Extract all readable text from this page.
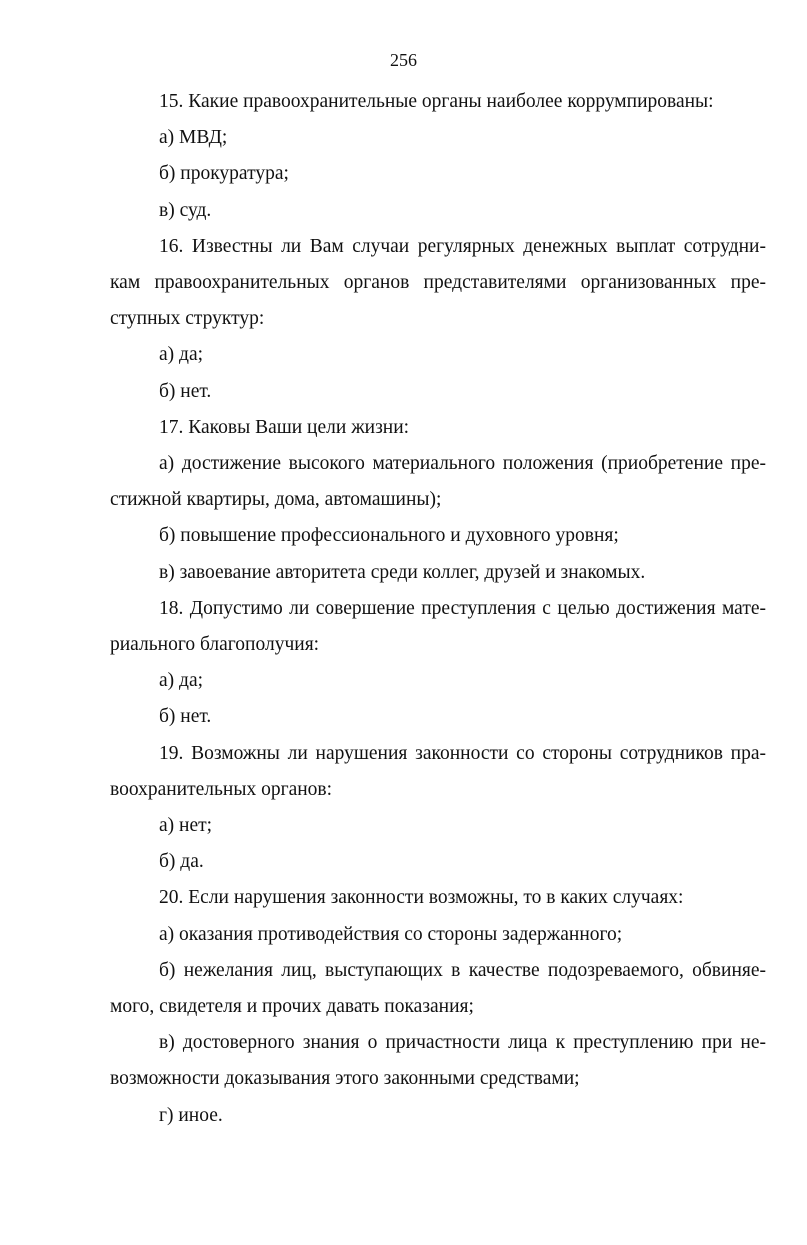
256

15. Какие правоохранительные органы наиболее коррумпированы:

а) МВД;

б) прокуратура;

в) суд.

16. Известны ли Вам случаи регулярных денежных выплат сотрудни-
кам правоохранительных органов представителями организованных пре-
ступных структур:

а) да;

б) нет.

17. Каковы Ваши цели жизни:

а) достижение высокого материального положения (приобретение пре-
стижной квартиры, дома, автомашины);

б) повышение профессионального и духовного уровня;

в) завоевание авторитета среди коллег, друзей и знакомых.

18. Допустимо ли совершение преступления с целью достижения мате-
риального благополучия:

а) да;

б) нет.

19. Возможны ли нарушения законности со стороны сотрудников пра-
воохранительных органов:

а) нет;

б) да.

20. Если нарушения законности возможны, то в каких случаях:

а) оказания противодействия со стороны задержанного;

б) нежелания лиц, выступающих в качестве подозреваемого, обвиняе-
мого, свидетеля и прочих давать показания;

в) достоверного знания о причастности лица к преступлению при не-
возможности доказывания этого законными средствами;

г) иное.
